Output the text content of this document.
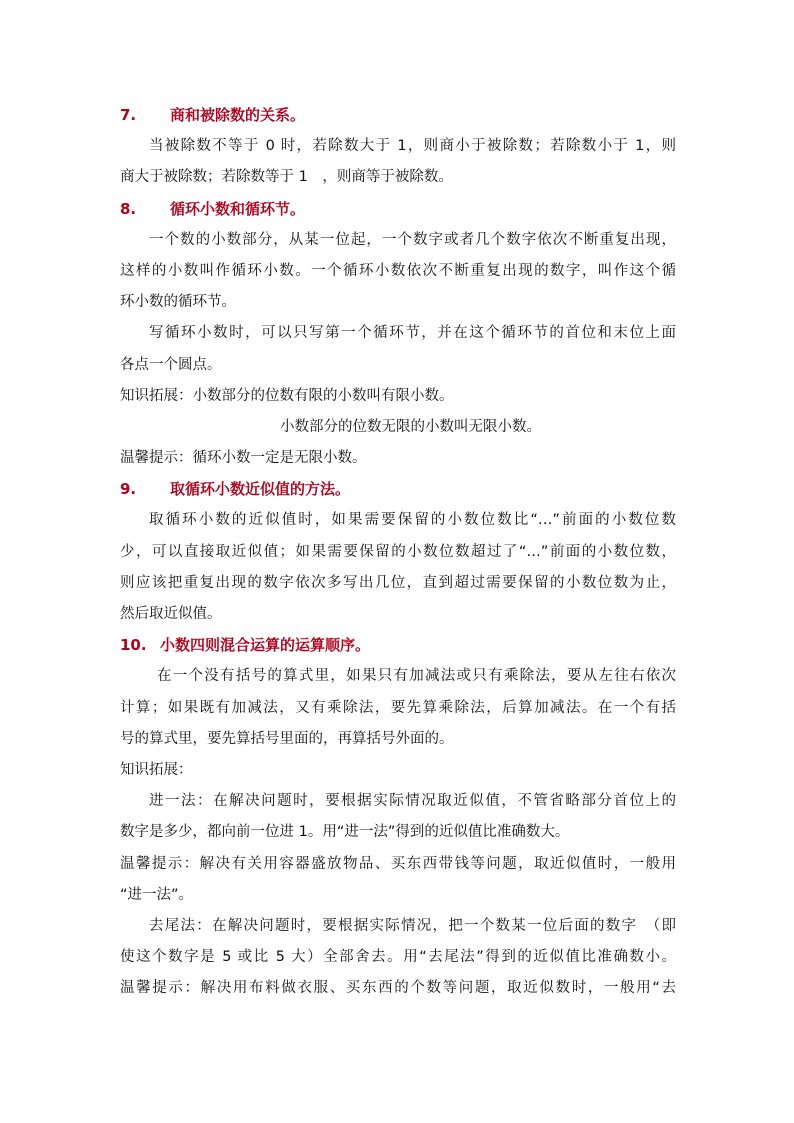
7. 商和被除数的关系。
当被除数不等于 0 时，若除数大于 1，则商小于被除数；若除数小于 1，则
商大于被除数；若除数等于 1　，则商等于被除数。
8. 循环小数和循环节。
一个数的小数部分，从某一位起，一个数字或者几个数字依次不断重复出现，
这样的小数叫作循环小数。一个循环小数依次不断重复出现的数字，叫作这个循
环小数的循环节。
写循环小数时，可以只写第一个循环节，并在这个循环节的首位和末位上面
各点一个圆点。
知识拓展：小数部分的位数有限的小数叫有限小数。
小数部分的位数无限的小数叫无限小数。
温馨提示：循环小数一定是无限小数。
9. 取循环小数近似值的方法。
取循环小数的近似值时，如果需要保留的小数位数比“…”前面的小数位数
少，可以直接取近似值；如果需要保留的小数位数超过了“…”前面的小数位数，
则应该把重复出现的数字依次多写出几位，直到超过需要保留的小数位数为止，
然后取近似值。
10. 小数四则混合运算的运算顺序。
在一个没有括号的算式里，如果只有加减法或只有乘除法，要从左往右依次
计算；如果既有加减法，又有乘除法，要先算乘除法，后算加减法。在一个有括
号的算式里，要先算括号里面的，再算括号外面的。
知识拓展：
进一法：在解决问题时，要根据实际情况取近似值，不管省略部分首位上的
数字是多少，都向前一位进 1。用“进一法”得到的近似值比准确数大。
温馨提示：解决有关用容器盛放物品、买东西带钱等问题，取近似值时，一般用
“进一法”。
去尾法：在解决问题时，要根据实际情况，把一个数某一位后面的数字　（即
使这个数字是 5 或比 5 大）全部舍去。用“去尾法”得到的近似值比准确数小。
温馨提示：解决用布料做衣服、买东西的个数等问题，取近似数时，一般用“去
